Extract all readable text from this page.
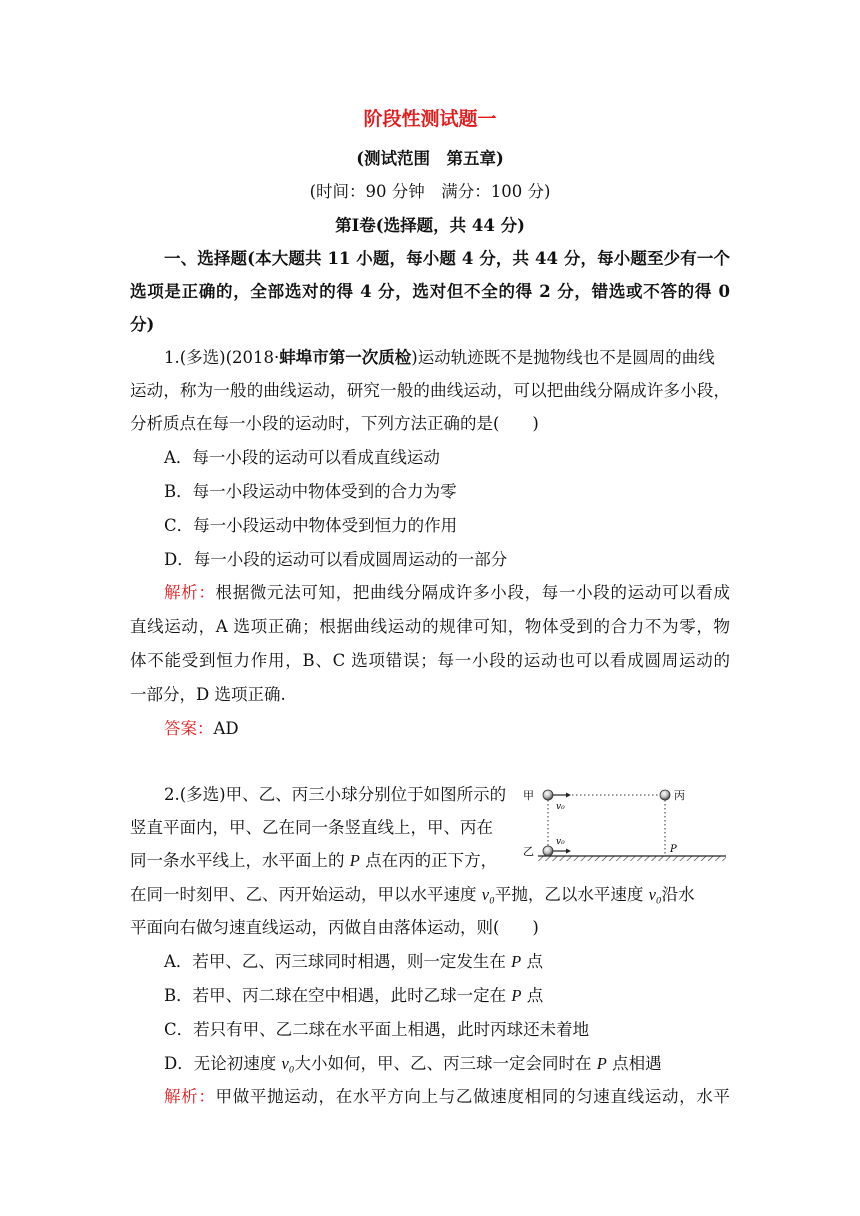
阶段性测试题一
(测试范围　第五章)
(时间：90 分钟　满分：100 分)
第Ⅰ卷(选择题，共 44 分)
一、选择题(本大题共 11 小题，每小题 4 分，共 44 分，每小题至少有一个
选项是正确的，全部选对的得 4 分，选对但不全的得 2 分，错选或不答的得 0
分)
1.(多选)(2018·蚌埠市第一次质检)运动轨迹既不是抛物线也不是圆周的曲线
运动，称为一般的曲线运动，研究一般的曲线运动，可以把曲线分隔成许多小段，
分析质点在每一小段的运动时，下列方法正确的是(　　)
A．每一小段的运动可以看成直线运动
B．每一小段运动中物体受到的合力为零
C．每一小段运动中物体受到恒力的作用
D．每一小段的运动可以看成圆周运动的一部分
解析：根据微元法可知，把曲线分隔成许多小段，每一小段的运动可以看成
直线运动，A 选项正确；根据曲线运动的规律可知，物体受到的合力不为零，物
体不能受到恒力作用，B、C 选项错误；每一小段的运动也可以看成圆周运动的
一部分，D 选项正确.
答案：AD
2.(多选)甲、乙、丙三小球分别位于如图所示的
竖直平面内，甲、乙在同一条竖直线上，甲、丙在
同一条水平线上，水平面上的 P 点在丙的正下方，
在同一时刻甲、乙、丙开始运动，甲以水平速度 v₀平抛，乙以水平速度 v₀沿水
平面向右做匀速直线运动，丙做自由落体运动，则(　　)
A．若甲、乙、丙三球同时相遇，则一定发生在 P 点
B．若甲、丙二球在空中相遇，此时乙球一定在 P 点
C．若只有甲、乙二球在水平面上相遇，此时丙球还未着地
D．无论初速度 v₀大小如何，甲、乙、丙三球一定会同时在 P 点相遇
解析：甲做平抛运动，在水平方向上与乙做速度相同的匀速直线运动，水平
甲
乙
丙
P
v₀
v₀
